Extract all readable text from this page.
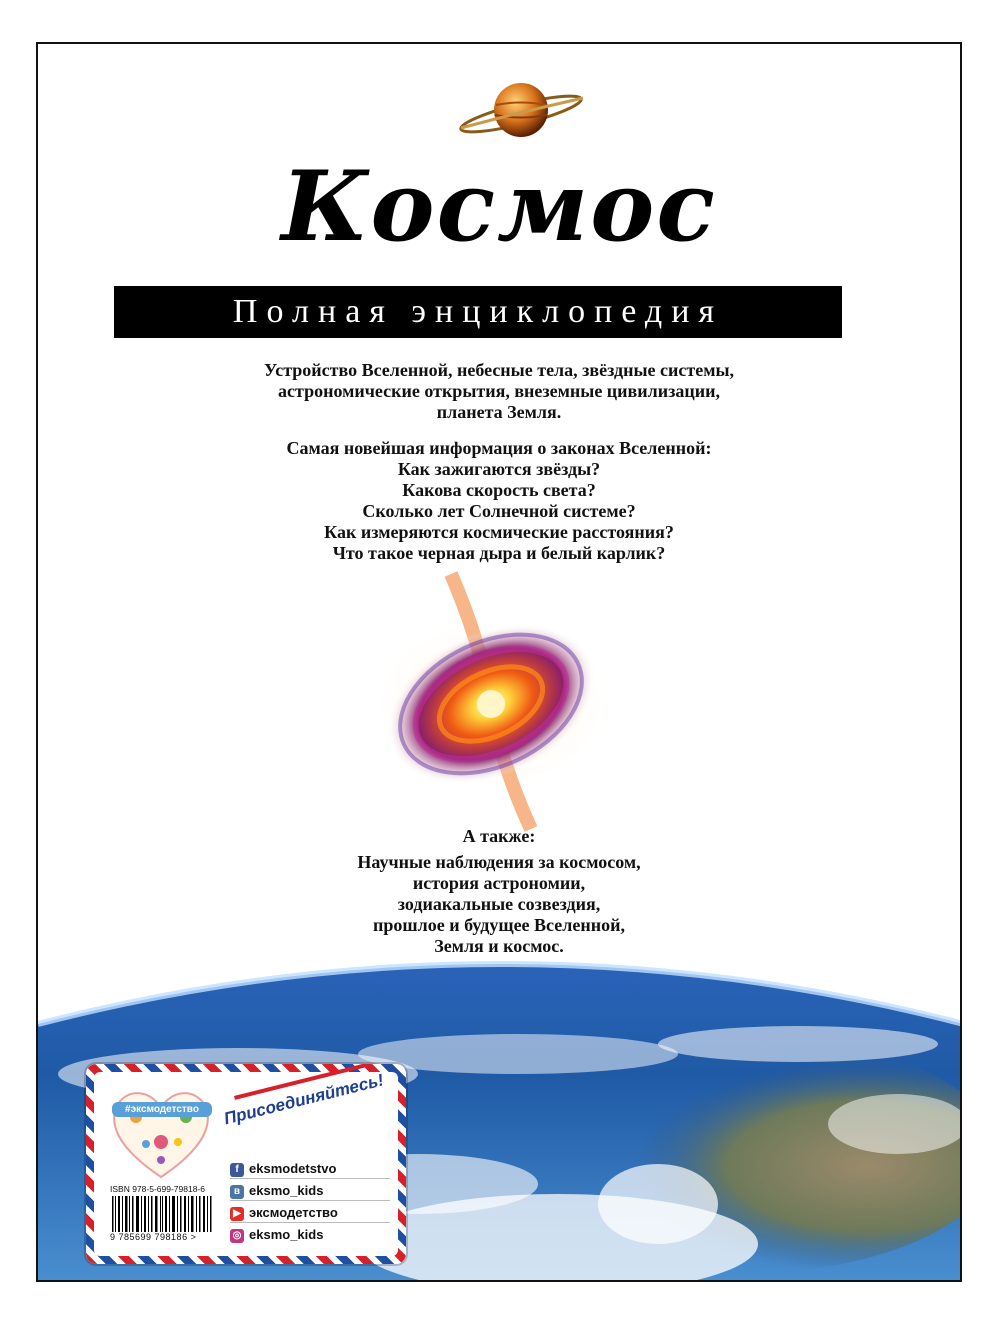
Космос
Полная энциклопедия
Устройство Вселенной, небесные тела, звёздные системы,
астрономические открытия, внеземные цивилизации,
планета Земля.
Самая новейшая информация о законах Вселенной:
Как зажигаются звёзды?
Какова скорость света?
Сколько лет Солнечной системе?
Как измеряются космические расстояния?
Что такое черная дыра и белый карлик?
А также:
Научные наблюдения за космосом,
история астрономии,
зодиакальные созвездия,
прошлое и будущее Вселенной,
Земля и космос.
#эксмодетство	Присоединяйтесь!
ISBN 978-5-699-79818-6
9 785699 798186 >
f eksmodetstvo
в eksmo_kids
▶ эксмодетство
◎ eksmo_kids
